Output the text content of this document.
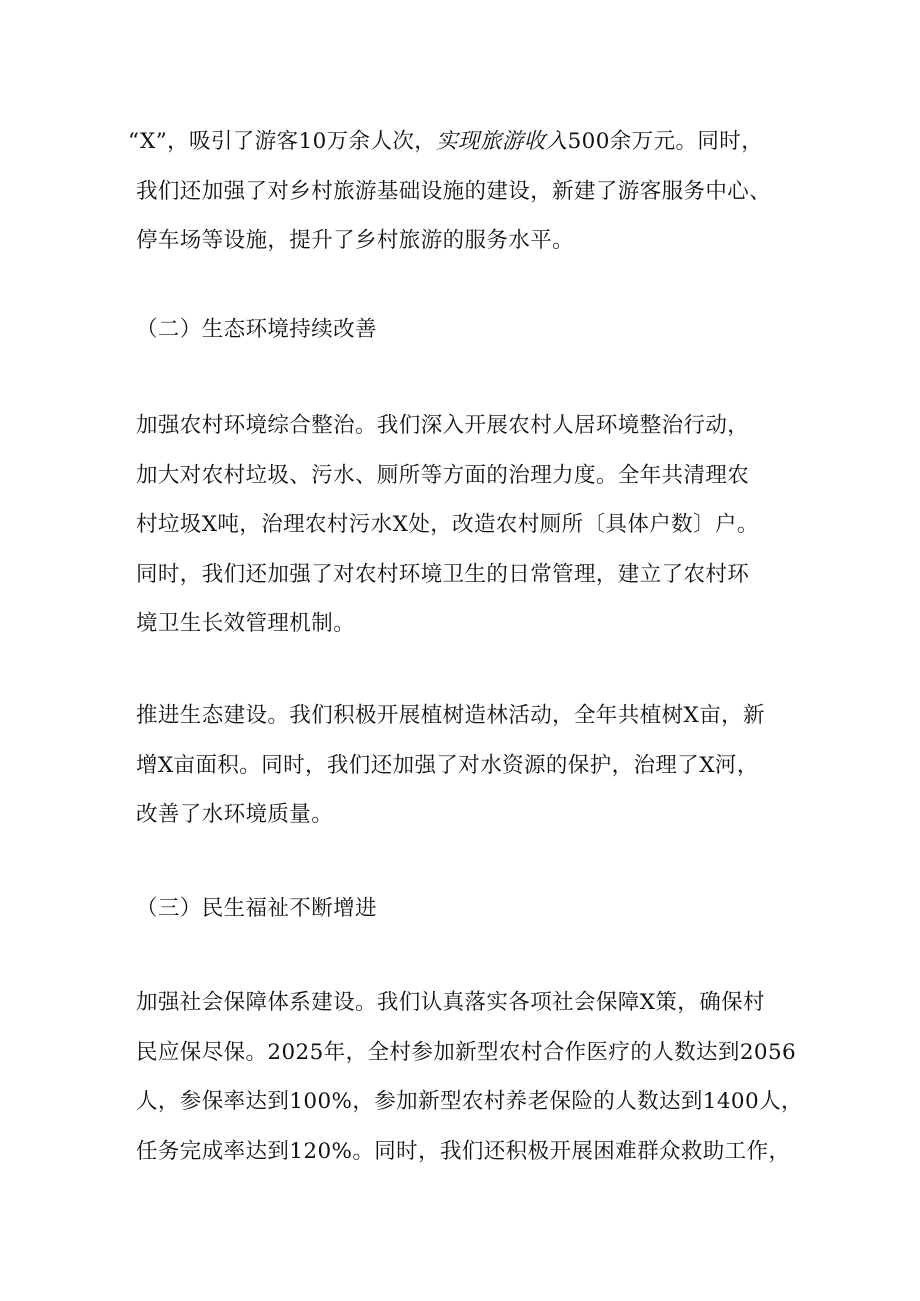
“X”，吸引了游客10万余人次，实现旅游收入500余万元。同时，
我们还加强了对乡村旅游基础设施的建设，新建了游客服务中心、
停车场等设施，提升了乡村旅游的服务水平。

（二）生态环境持续改善

加强农村环境综合整治。我们深入开展农村人居环境整治行动，
加大对农村垃圾、污水、厕所等方面的治理力度。全年共清理农
村垃圾X吨，治理农村污水X处，改造农村厕所〔具体户数〕户。
同时，我们还加强了对农村环境卫生的日常管理，建立了农村环
境卫生长效管理机制。

推进生态建设。我们积极开展植树造林活动，全年共植树X亩，新
增X亩面积。同时，我们还加强了对水资源的保护，治理了X河，
改善了水环境质量。

（三）民生福祉不断增进

加强社会保障体系建设。我们认真落实各项社会保障X策，确保村
民应保尽保。2025年，全村参加新型农村合作医疗的人数达到2056
人，参保率达到100%，参加新型农村养老保险的人数达到1400人，
任务完成率达到120%。同时，我们还积极开展困难群众救助工作，
